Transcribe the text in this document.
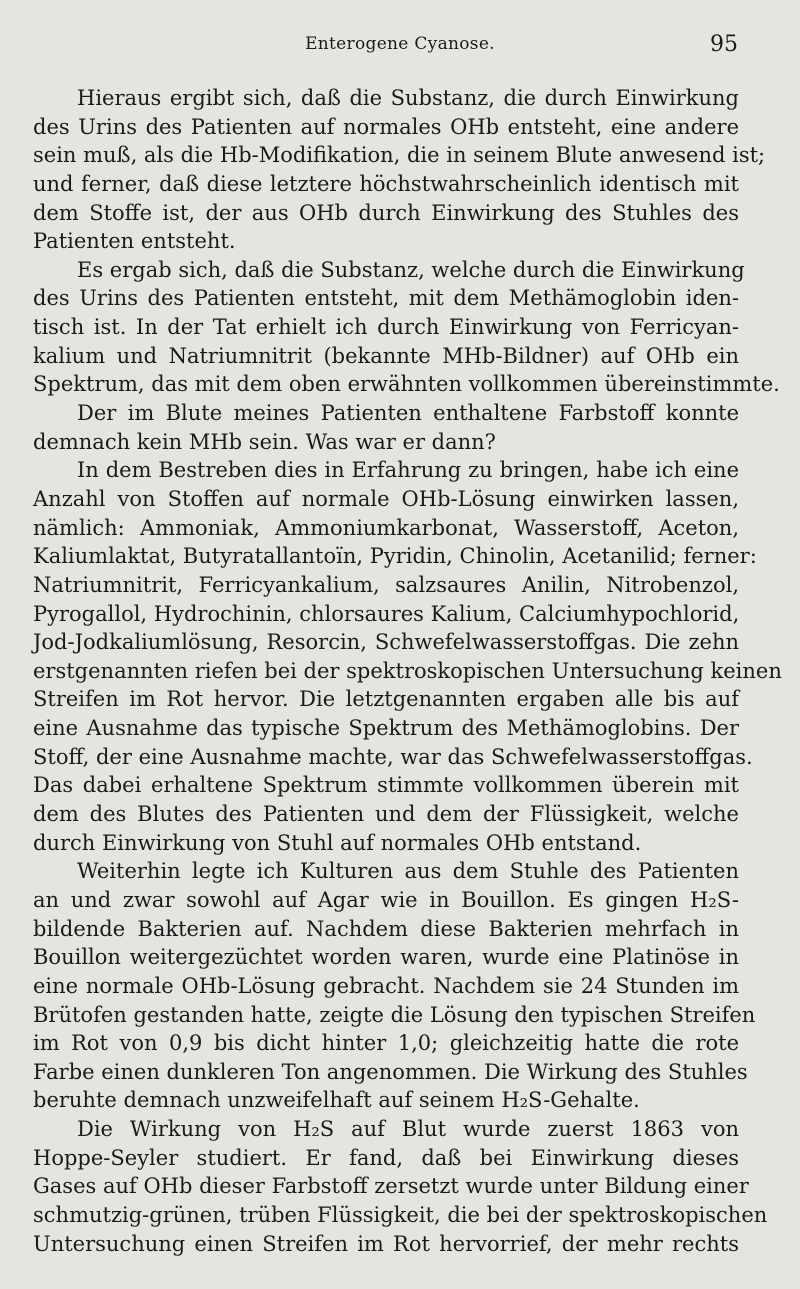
Enterogene Cyanose.	95
Hieraus ergibt sich, daß die Substanz, die durch Einwirkung
des Urins des Patienten auf normales OHb entsteht, eine andere
sein muß, als die Hb-Modifikation, die in seinem Blute anwesend ist;
und ferner, daß diese letztere höchstwahrscheinlich identisch mit
dem Stoffe ist, der aus OHb durch Einwirkung des Stuhles des
Patienten entsteht.
Es ergab sich, daß die Substanz, welche durch die Einwirkung
des Urins des Patienten entsteht, mit dem Methämoglobin iden-
tisch ist. In der Tat erhielt ich durch Einwirkung von Ferricyan-
kalium und Natriumnitrit (bekannte MHb-Bildner) auf OHb ein
Spektrum, das mit dem oben erwähnten vollkommen übereinstimmte.
Der im Blute meines Patienten enthaltene Farbstoff konnte
demnach kein MHb sein. Was war er dann?
In dem Bestreben dies in Erfahrung zu bringen, habe ich eine
Anzahl von Stoffen auf normale OHb-Lösung einwirken lassen,
nämlich: Ammoniak, Ammoniumkarbonat, Wasserstoff, Aceton,
Kaliumlaktat, Butyratallantoïn, Pyridin, Chinolin, Acetanilid; ferner:
Natriumnitrit, Ferricyankalium, salzsaures Anilin, Nitrobenzol,
Pyrogallol, Hydrochinin, chlorsaures Kalium, Calciumhypochlorid,
Jod-Jodkaliumlösung, Resorcin, Schwefelwasserstoffgas. Die zehn
erstgenannten riefen bei der spektroskopischen Untersuchung keinen
Streifen im Rot hervor. Die letztgenannten ergaben alle bis auf
eine Ausnahme das typische Spektrum des Methämoglobins. Der
Stoff, der eine Ausnahme machte, war das Schwefelwasserstoffgas.
Das dabei erhaltene Spektrum stimmte vollkommen überein mit
dem des Blutes des Patienten und dem der Flüssigkeit, welche
durch Einwirkung von Stuhl auf normales OHb entstand.
Weiterhin legte ich Kulturen aus dem Stuhle des Patienten
an und zwar sowohl auf Agar wie in Bouillon. Es gingen H₂S-
bildende Bakterien auf. Nachdem diese Bakterien mehrfach in
Bouillon weitergezüchtet worden waren, wurde eine Platinöse in
eine normale OHb-Lösung gebracht. Nachdem sie 24 Stunden im
Brütofen gestanden hatte, zeigte die Lösung den typischen Streifen
im Rot von 0,9 bis dicht hinter 1,0; gleichzeitig hatte die rote
Farbe einen dunkleren Ton angenommen. Die Wirkung des Stuhles
beruhte demnach unzweifelhaft auf seinem H₂S-Gehalte.
Die Wirkung von H₂S auf Blut wurde zuerst 1863 von
Hoppe-Seyler studiert. Er fand, daß bei Einwirkung dieses
Gases auf OHb dieser Farbstoff zersetzt wurde unter Bildung einer
schmutzig-grünen, trüben Flüssigkeit, die bei der spektroskopischen
Untersuchung einen Streifen im Rot hervorrief, der mehr rechts
